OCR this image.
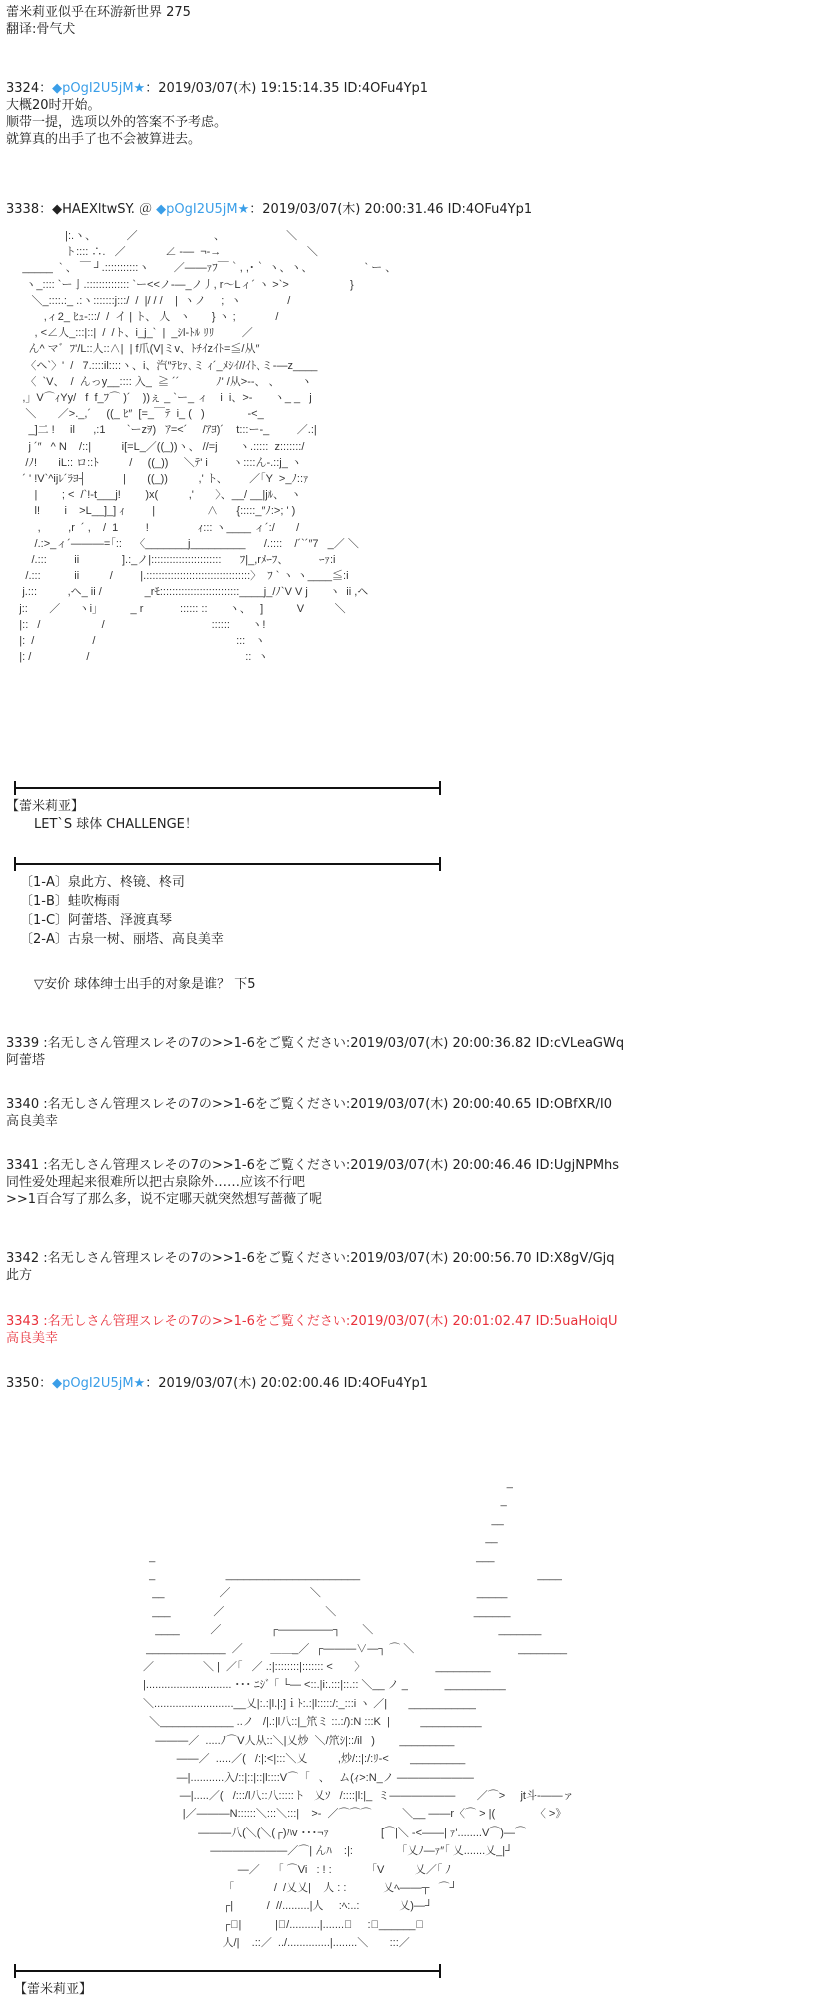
蕾米莉亚似乎在环游新世界 275
翻译:骨气犬
3324：◆pOgI2U5jM★：2019/03/07(木) 19:15:14.35 ID:4OFu4Yp1
大概20时开始。
顺带一提，选项以外的答案不予考虑。
就算真的出手了也不会被算进去。
3338：◆HAEXltwSY. ＠ ◆pOgI2U5jM★：2019/03/07(木) 20:00:31.46 ID:4OFu4Yp1
|:.ヽ、          ／                         、                    ＼
ト:::: ∴.   ／             ∠ -―  ¬-→                            ＼
_____  ` 、 ￣ ┘.:::::::::::ヽ        ／――ｧﾌ￣｀, ,･｀ ヽ、ヽ、                 ` ー 、
ヽ_:::: `ー亅.:::::::::::::: `ー<<ノ-―_ノ丿, r～Lィ´ ヽ >`>                    }
＼_::::.:_ .:ヽ:::::::j:::/  /  |/ / /    |  ヽノ     ;  ヽ               /
,ィ2_ ﾋｭ-:::/  /  イ | ト、 人   ヽ       } ヽ ;             /
, <∠人_:::|::|  /  /ト、i_j_`  |  _ｼl-ﾄﾙ ﾘﾘ         ／
ん^ マ゛ﾌ'/L::人::∧|  | f爪(V|ミv、ﾄﾁｲzｲﾄ=≦/从″
〈ヘ`〉'  /   7.::::il::::ヽ、i、汽″ﾃﾋｧ､ミ ｨ´_ﾒｼｲ//ｲﾄ､ミ-―z____
〈  `V、  /  んっy__:::: 入_  ≧ ´´            ﾉ' /从>-‐、 、       ヽ
,」V⌒ｨYy/   f  f_ﾌ⌒ )´    ))ぇ _ `ー_ ィ    i  i、>-       ヽ_ _   j
＼       ／>._,´     ((_ ﾋ″  [=_￣ﾃ  i_ (   )              ‐<_
_]二 !     il      ,:1       `ーzｦ)   ｱ=<´     /ｱﾖ)´    t:::ー-_         ／.:|
j ´″   ^ N    /::|          i[=L_／((_))ヽ、 //=j       ヽ.:::::  z:::::::/
/ﾉ!       iL:: ロ::ﾄ          /     ((_))     ＼ﾃ' i        ヽ::::ん-.::j_ ヽ
´ ' !V`^ijﾚ´ﾗﾖ┤            |       ((_))          ,' ト、       ／｢Y  >_ﾉ::ｧ
|        ; <  /`!‐t___j!        )x(          ,'       〉、__/ __|jﾙ、  ヽ
l!        i    >L__]_] ｨ         |                 ∧      {:::::_″ﾉ:>; ' )
,         ,r  ´ ,    /  1         !                ｨ::: ヽ____ ィ´:/       /
/.:>_ィ´―――=｢::    〈_______j_________      /.::::    /´`´″7   _／ ＼
/.:::         ii              ].:_ノ|:::::::::::::::::::::::      ﾌ|_,rﾒｰﾌ、          ｰｧ:i
/.:::           ii          /         |.::::::::::::::::::::::::::::::::::〉  ﾌ ` ヽ ヽ____≦:i
j.:::          ,ヘ_ ii /              _rﾓ::::::::::::::::::::::::::____j_/ﾉ`V V j       ヽ  ii ,ヘ
j::       ／      ヽi」         _ r            :::::: ::       ヽ、   ]           V          ＼
|::   /                    /                                   ::::::       ヽ!
|:  /                   /                                              :::   ヽ
|: /                  /                                                   ::  ヽ
【蕾米莉亚】
LET`S 球体 CHALLENGE！
〔1-A〕泉此方、柊镜、柊司
〔1-B〕蛙吹梅雨
〔1-C〕阿蕾塔、泽渡真琴
〔2-A〕古泉一树、丽塔、高良美幸
▽安价 球体绅士出手的对象是谁？ 下5
3339 :名无しさん管理スレその7の>>1-6をご覧ください:2019/03/07(木) 20:00:36.82 ID:cVLeaGWq
阿蕾塔
3340 :名无しさん管理スレその7の>>1-6をご覧ください:2019/03/07(木) 20:00:40.65 ID:OBfXR/I0
高良美幸
3341 :名无しさん管理スレその7の>>1-6をご覧ください:2019/03/07(木) 20:00:46.46 ID:UgjNPMhs
同性爱处理起来很难所以把古泉除外……应该不行吧
>>1百合写了那么多，说不定哪天就突然想写蔷薇了呢
3342 :名无しさん管理スレその7の>>1-6をご覧ください:2019/03/07(木) 20:00:56.70 ID:X8gV/Gjq
此方
3343 :名无しさん管理スレその7の>>1-6をご覧ください:2019/03/07(木) 20:01:02.47 ID:5uaHoiqU
高良美幸
3350：◆pOgI2U5jM★：2019/03/07(木) 20:02:00.46 ID:4OFu4Yp1
_
_
__
__
_                                                                                                         ___
_                       ______________________                                                          ____
__                  ／                          ＼                                                   _____
___              ／                                 ＼                                             ______
____          ／                ┌―――――┐       ＼                                         _______
_____________  ／         ＿＿_／  ┌―――∨―┐ ⌒ ＼                                  ________
／                ＼ |  ／｢   ／ .:|::::::::|::::::: <       〉                       _________
|............................ ･･･ ﾆｼﾞ ｢ └― <::.|i:.:::|::.:: ＼__ ノ _            __________
＼..........................__乂|:.:|l.|:]ｉﾄ:.:|l:::::/:_:::i ヽ ／|       ___________
＼____________ ..ノ   /|.:|l八::|_笊ミ ::.:/):N :::K  |          __________
―――／  .....ﾉ⌒V人从::＼|乂炒  ＼/笊ｼ|::/il   )        _________
――／  .....／(   /:|:<|:::＼乂          ,炒/::|:/:ﾘ-<       _________
―|...........入/::|::|::|l::::V⌒  ｢   、   ム(ｨ>:N_ノ ―――――――
―|.....／(   /:::/l八::八:::::ト   乂ｿ   /::::|l:|_  ミ――――――       ／⌒>     jt斗-――ァ
|／―――N::::::＼:::＼:::|    >-  ／⌒⌒⌒          ＼__ ――r〈⌒ > |(             〈 >》
―――八(＼(＼(┌)ﾊv ･･･¬ｧ                 [⌒|＼ -<――| ｧ'........V⌒)―⌒
―――――――／⌒| んﾊ    :|:                ｢乂ﾉ―ｧ″｢ 乂.......乂_|┘
―／      ｢ ⌒Vi   : ! :             ｢V          乂／｢ ﾉ
｢             /  /乂乂|    人 : :            乂ﾍ――┬   ⌒┘
┌|           /  //.........|人     :ﾍ:..:             乂)―┘
┌ﾟ|           |／/..........|.......＼     :＼______／
人/|    .::／  ../..............|........＼       :::／
【蕾米莉亚】
